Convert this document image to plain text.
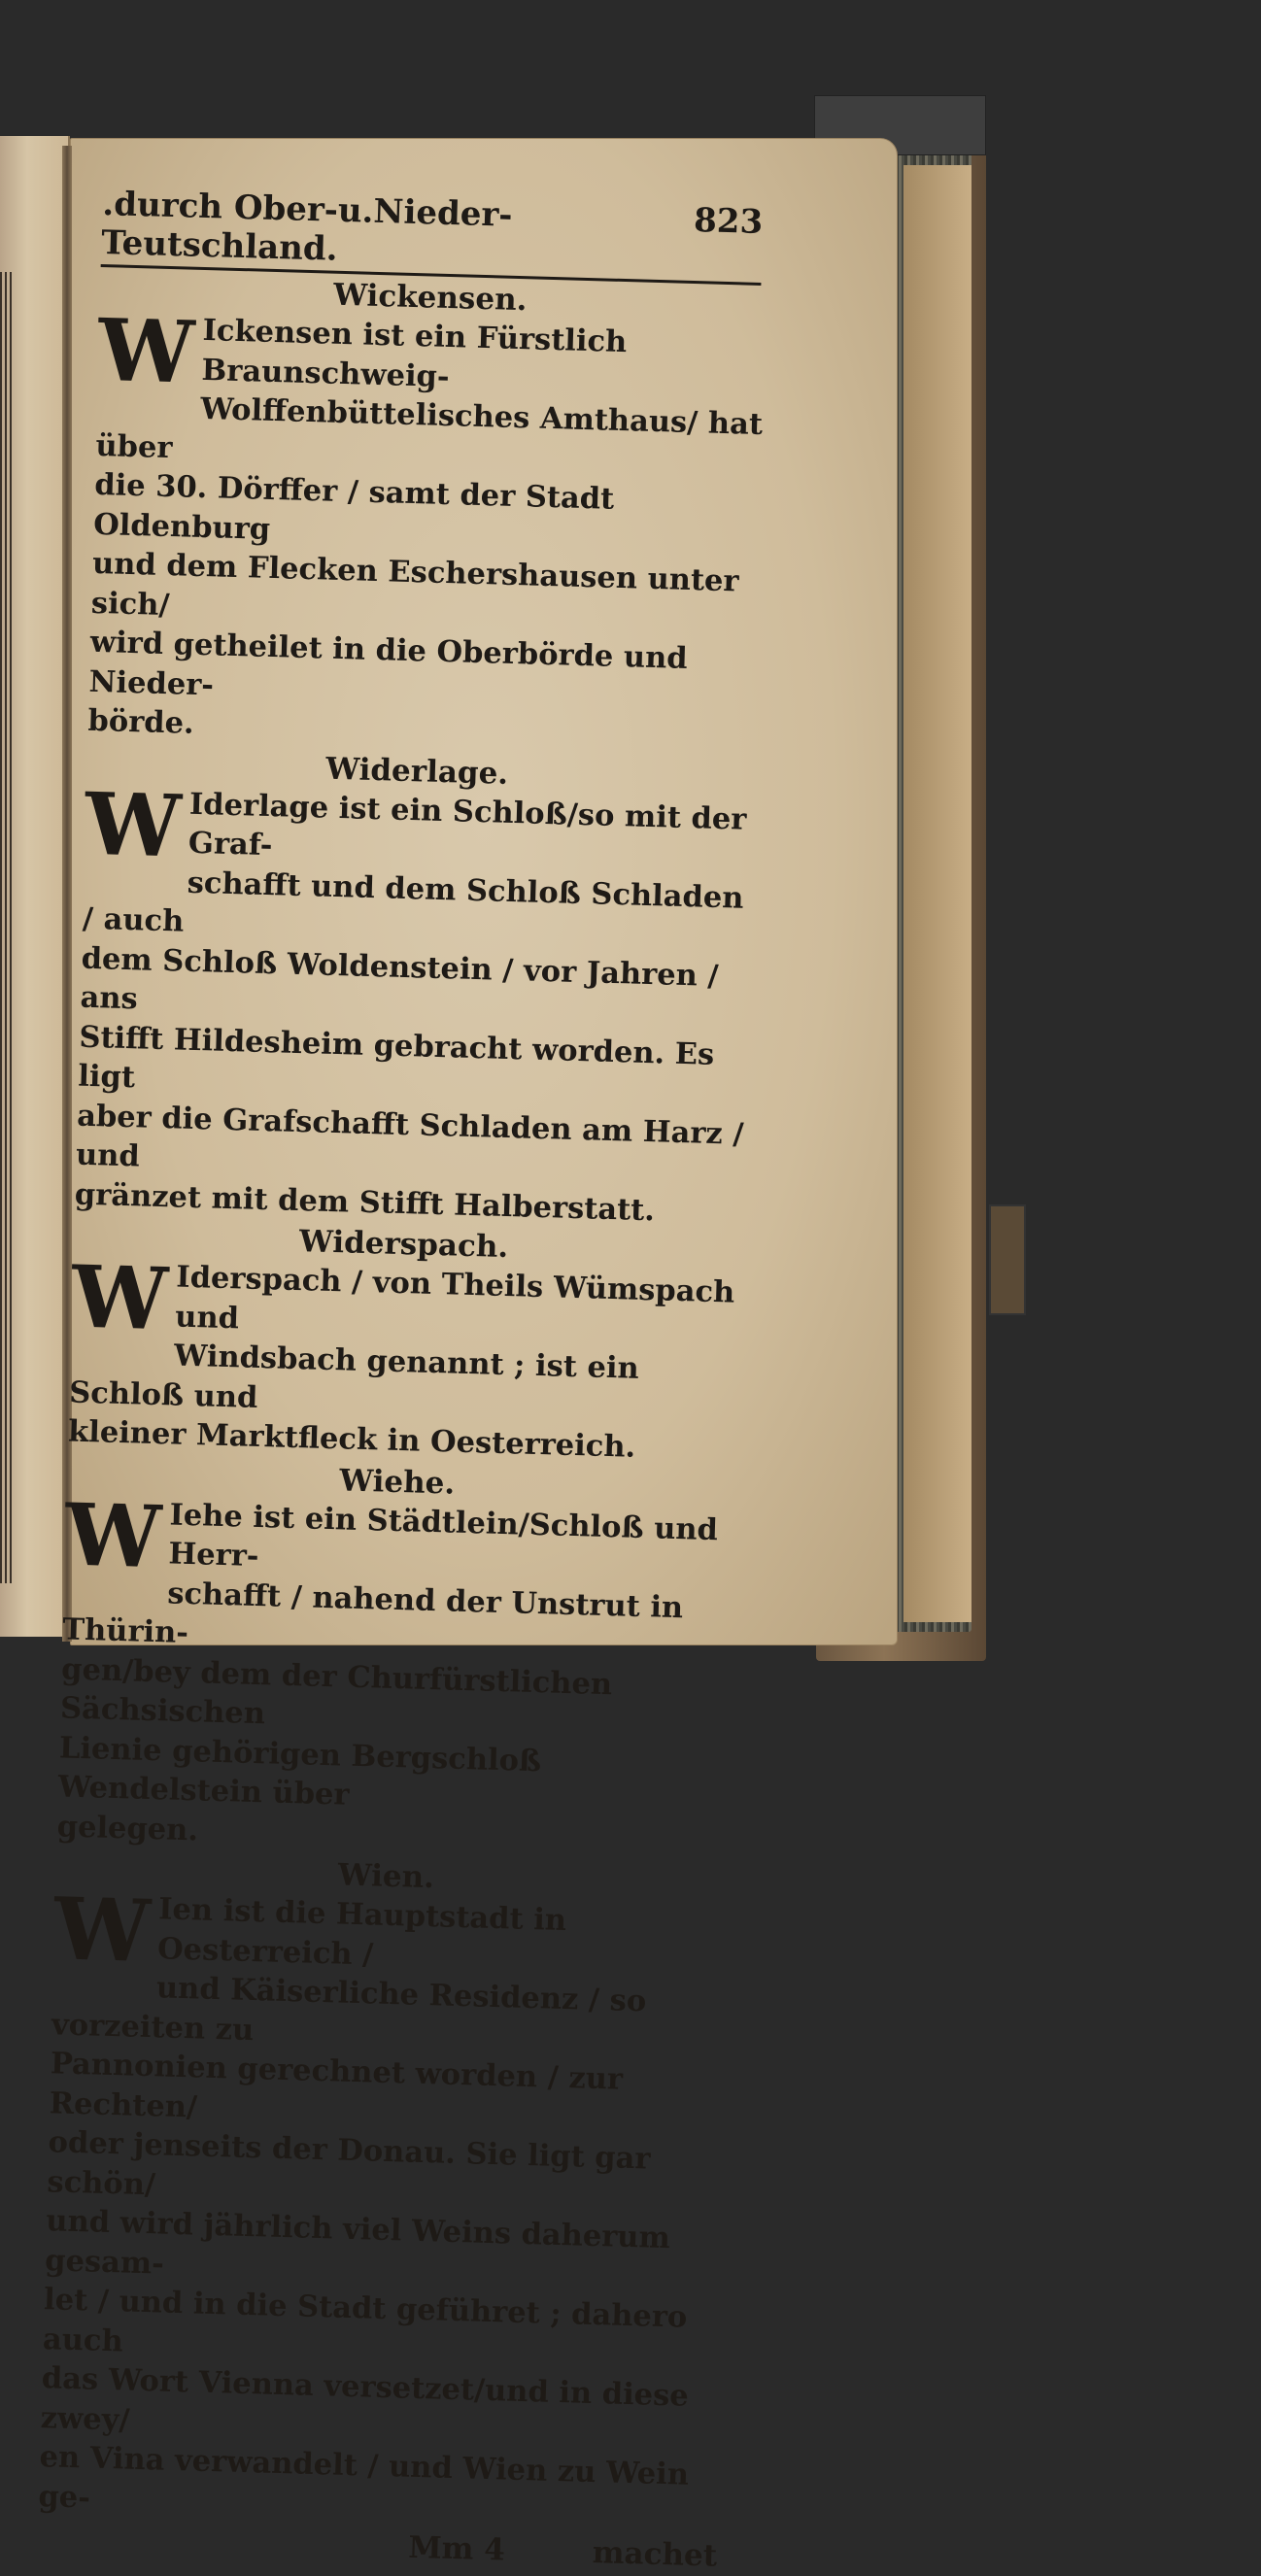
.durch Ober-u.Nieder-Teutschland.
823
Wickensen.
W Ickensen ist ein Fürstlich Braunschweig-
Wolffenbüttelisches Amthaus/ hat über
die 30. Dörffer / samt der Stadt Oldenburg
und dem Flecken Eschershausen unter sich/
wird getheilet in die Oberbörde und Nieder-
börde.
Widerlage.
W Iderlage ist ein Schloß/so mit der Graf-
schafft und dem Schloß Schladen / auch
dem Schloß Woldenstein / vor Jahren / ans
Stifft Hildesheim gebracht worden. Es ligt
aber die Grafschafft Schladen am Harz / und
gränzet mit dem Stifft Halberstatt.
Widerspach.
W Iderspach / von Theils Wümspach und
Windsbach genannt ; ist ein Schloß und
kleiner Marktfleck in Oesterreich.
Wiehe.
W Iehe ist ein Städtlein/Schloß und Herr-
schafft / nahend der Unstrut in Thürin-
gen/bey dem der Churfürstlichen Sächsischen
Lienie gehörigen Bergschloß Wendelstein über
gelegen.
Wien.
W Ien ist die Hauptstadt in Oesterreich /
und Käiserliche Residenz / so vorzeiten zu
Pannonien gerechnet worden / zur Rechten/
oder jenseits der Donau. Sie ligt gar schön/
und wird jährlich viel Weins daherum gesam-
let / und in die Stadt geführet ; dahero auch
das Wort Vienna versetzet/und in diese zwey/
en Vina verwandelt / und Wien zu Wein ge-
Mm 4	machet
